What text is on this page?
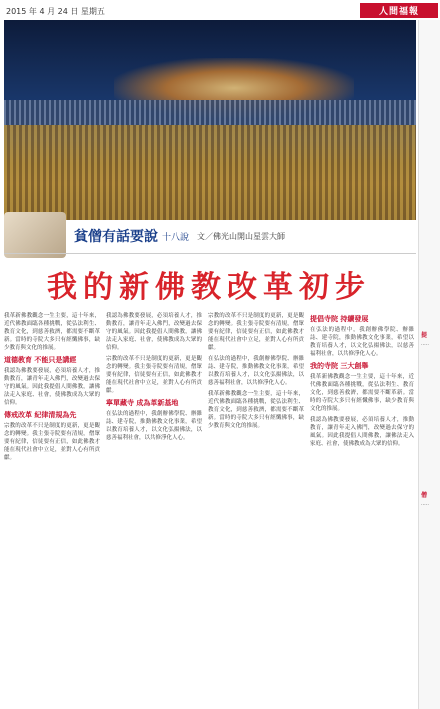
2015 年 4 月 24 日 星期五	人間福報
提
·····
僧
·····
貧僧有話要說 十八說 文／佛光山開山星雲大師
我的新佛教改革初步

我革新佛教觀念一生主要，這十年來，近代佛教面臨各種挑戰，從弘法利生、教育文化，到慈善救濟，都需要不斷革新。當時的寺院大多只有經懺佛事，缺少教育與文化的推展。

道德教育 不能只是講經

我認為佛教要發展，必須培養人才，推動教育，讓青年走入佛門，改變過去保守的風氣。因此我提倡人間佛教，讓佛法走入家庭、社會，使佛教成為大眾的信仰。

傳戒改革 紀律清規為先

宗教的改革不只是制度的更新，更是觀念的轉變。我主張寺院要有清規，僧眾要有紀律，信徒要有正信，如此佛教才能在現代社會中立足，並對人心有所貢獻。

我認為佛教要發展，必須培養人才，推動教育，讓青年走入佛門，改變過去保守的風氣。因此我提倡人間佛教，讓佛法走入家庭、社會，使佛教成為大眾的信仰。

宗教的改革不只是制度的更新，更是觀念的轉變。我主張寺院要有清規，僧眾要有紀律，信徒要有正信，如此佛教才能在現代社會中立足，並對人心有所貢獻。

寧單藏寺 成為革新基地

在弘法的過程中，我創辦佛學院、辦雜誌、建寺院，推動佛教文化事業，希望以教育培養人才，以文化弘揚佛法，以慈善福利社會，以共修淨化人心。

宗教的改革不只是制度的更新，更是觀念的轉變。我主張寺院要有清規，僧眾要有紀律，信徒要有正信，如此佛教才能在現代社會中立足，並對人心有所貢獻。

在弘法的過程中，我創辦佛學院、辦雜誌、建寺院，推動佛教文化事業，希望以教育培養人才，以文化弘揚佛法，以慈善福利社會，以共修淨化人心。

我革新佛教觀念一生主要，這十年來，近代佛教面臨各種挑戰，從弘法利生、教育文化，到慈善救濟，都需要不斷革新。當時的寺院大多只有經懺佛事，缺少教育與文化的推展。

提倡寺院 持續發展

在弘法的過程中，我創辦佛學院、辦雜誌、建寺院，推動佛教文化事業，希望以教育培養人才，以文化弘揚佛法，以慈善福利社會，以共修淨化人心。

我的寺院 三大創舉

我革新佛教觀念一生主要，這十年來，近代佛教面臨各種挑戰，從弘法利生、教育文化，到慈善救濟，都需要不斷革新。當時的寺院大多只有經懺佛事，缺少教育與文化的推展。

我認為佛教要發展，必須培養人才，推動教育，讓青年走入佛門，改變過去保守的風氣。因此我提倡人間佛教，讓佛法走入家庭、社會，使佛教成為大眾的信仰。
